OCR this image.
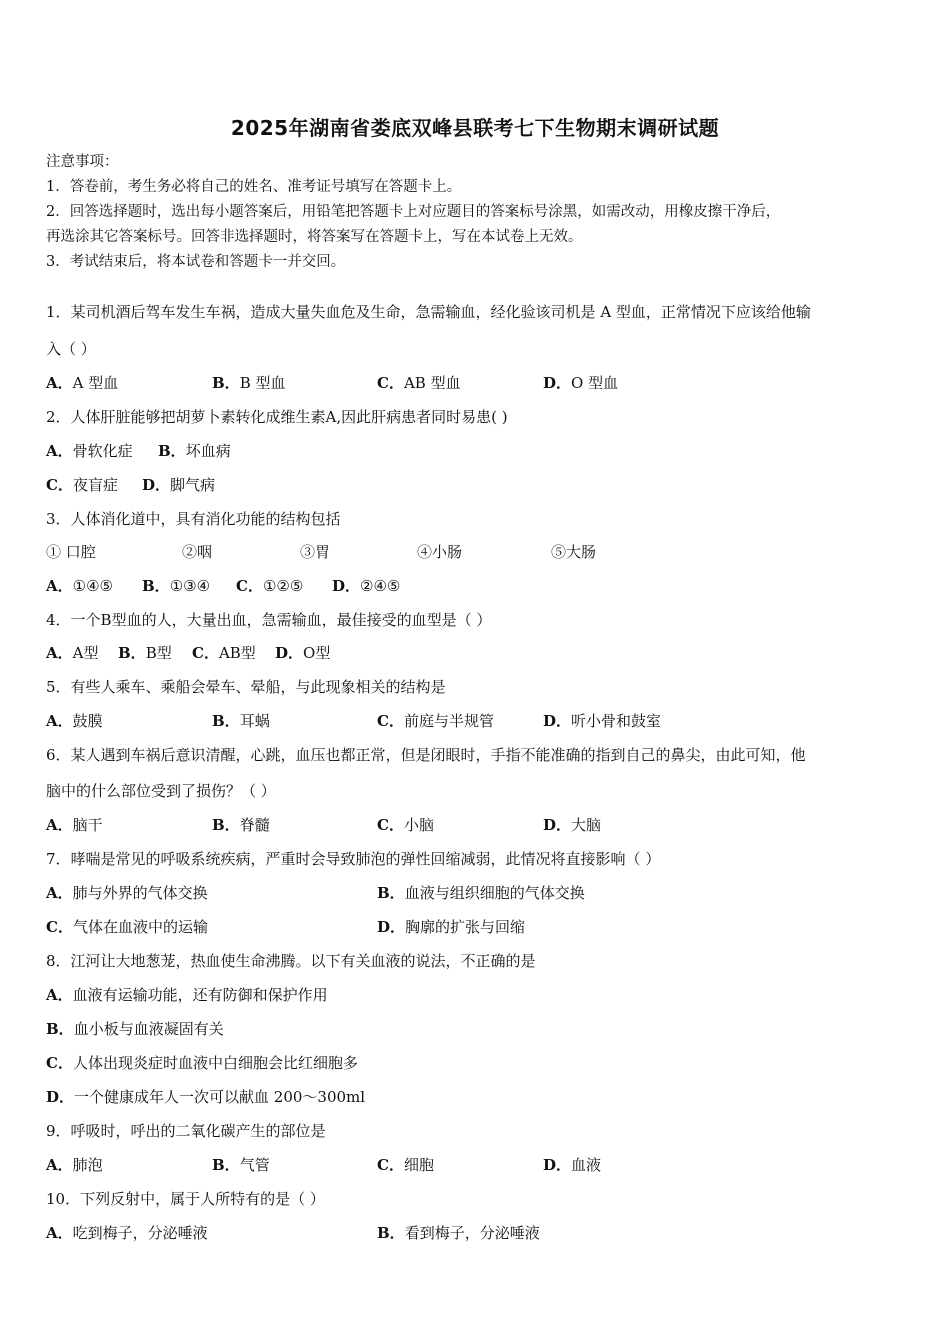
2025年湖南省娄底双峰县联考七下生物期末调研试题
注意事项：
1．答卷前，考生务必将自己的姓名、准考证号填写在答题卡上。
2．回答选择题时，选出每小题答案后，用铅笔把答题卡上对应题目的答案标号涂黑，如需改动，用橡皮擦干净后，
再选涂其它答案标号。回答非选择题时，将答案写在答题卡上，写在本试卷上无效。
3．考试结束后，将本试卷和答题卡一并交回。
1．某司机酒后驾车发生车祸，造成大量失血危及生命，急需输血，经化验该司机是 A 型血，正常情况下应该给他输
入（ ）
A．A 型血	B．B 型血	C．AB 型血	D．O 型血
2．人体肝脏能够把胡萝卜素转化成维生素A,因此肝病患者同时易患( )
A．骨软化症 B．坏血病
C．夜盲症 D．脚气病
3．人体消化道中，具有消化功能的结构包括
① 口腔	②咽	③胃	④小肠	⑤大肠
A．①④⑤ B．①③④ C．①②⑤ D．②④⑤
4．一个B型血的人，大量出血，急需输血，最佳接受的血型是（ ）
A．A型 B．B型 C．AB型 D．O型
5．有些人乘车、乘船会晕车、晕船，与此现象相关的结构是
A．鼓膜	B．耳蜗	C．前庭与半规管	D．听小骨和鼓室
6．某人遇到车祸后意识清醒，心跳，血压也都正常，但是闭眼时，手指不能准确的指到自己的鼻尖，由此可知，他
脑中的什么部位受到了损伤？（ ）
A．脑干	B．脊髓	C．小脑	D．大脑
7．哮喘是常见的呼吸系统疾病，严重时会导致肺泡的弹性回缩减弱，此情况将直接影响（ ）
A．肺与外界的气体交换	B．血液与组织细胞的气体交换
C．气体在血液中的运输	D．胸廓的扩张与回缩
8．江河让大地葱茏，热血使生命沸腾。以下有关血液的说法，不正确的是
A．血液有运输功能，还有防御和保护作用
B．血小板与血液凝固有关
C．人体出现炎症时血液中白细胞会比红细胞多
D．一个健康成年人一次可以献血 200～300ml
9．呼吸时，呼出的二氧化碳产生的部位是
A．肺泡	B．气管	C．细胞	D．血液
10．下列反射中，属于人所特有的是（ ）
A．吃到梅子，分泌唾液	B．看到梅子，分泌唾液
